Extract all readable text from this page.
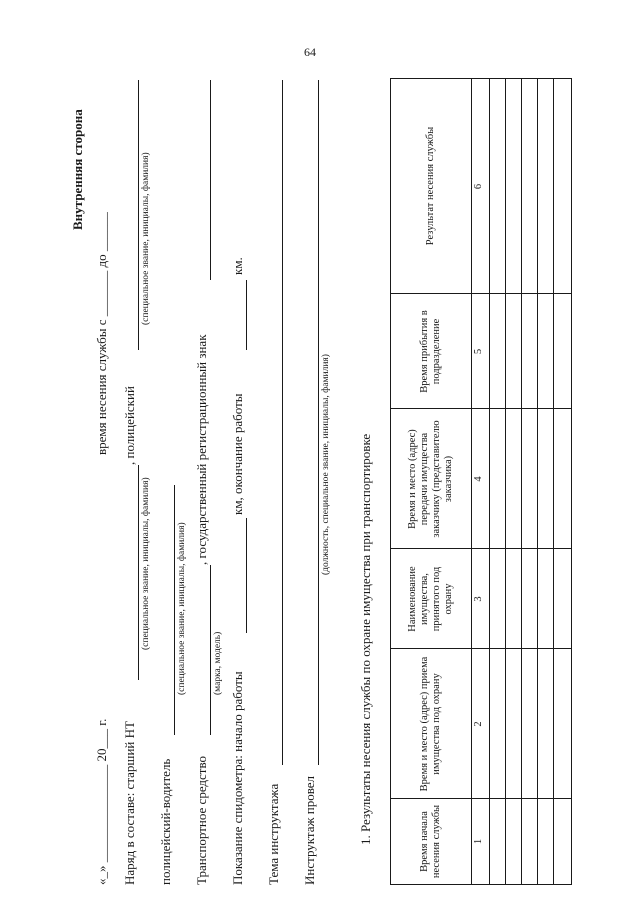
64
Внутренняя сторона
«_» _______________ 20___ г.
время несения службы с _______ до ______
Наряд в составе: старший НТ
, полицейский
(специальное звание, инициалы, фамилия)
(специальное звание, инициалы, фамилия)
полицейский-водитель
(специальное звание, инициалы, фамилия)
Транспортное средство
, государственный регистрационный знак
(марка, модель)
Показание спидометра: начало работы
км, окончание работы
км.
Тема инструктажа Инструктаж провел
(должность, специальное звание, инициалы, фамилия) 1. Результаты несения службы по охране имущества при транспортировке	Время начала несения службы
Время и место (адрес) приема имущества под охрану
Наименование имущества, принятого под охрану
Время и место (адрес) передачи имущества заказчику (представителю заказчика)
Время прибытия в подразделение
Результат несения службы
1
2
3
4
5
6
